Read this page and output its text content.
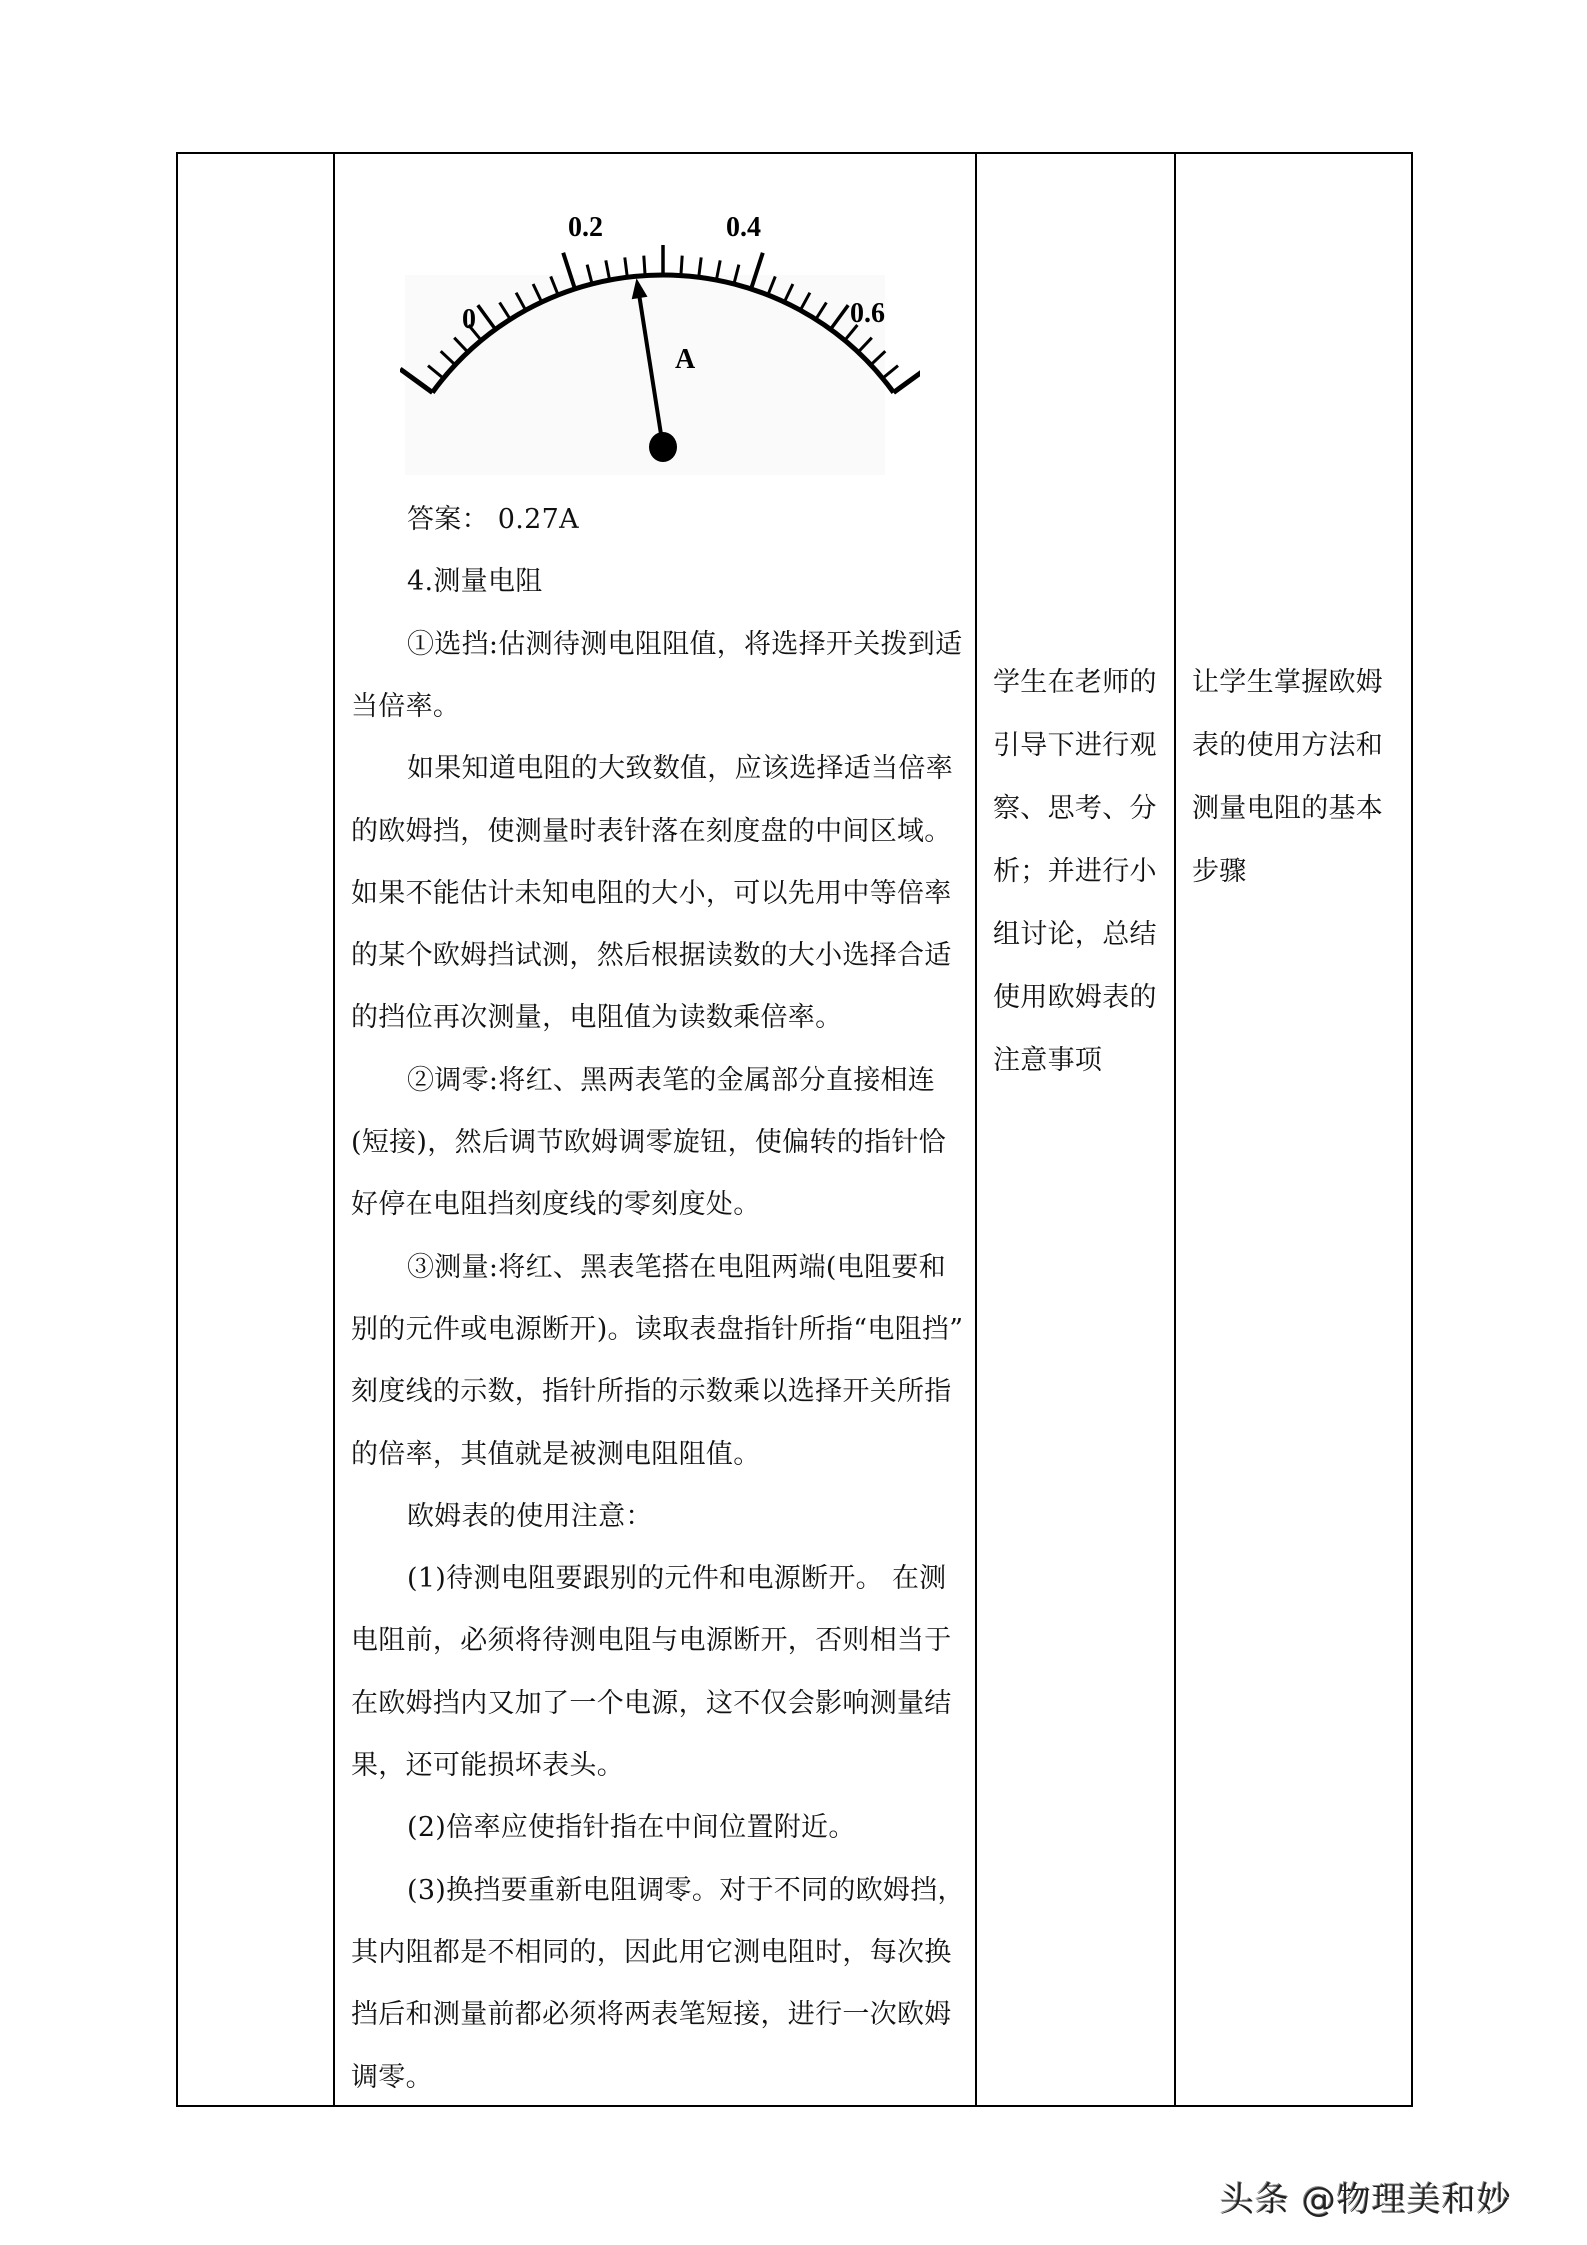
0
0.2	0.4
0.6
A
答案： 0.27A
4.测量电阻
①选挡:估测待测电阻阻值，将选择开关拨到适
当倍率。
如果知道电阻的大致数值，应该选择适当倍率
的欧姆挡，使测量时表针落在刻度盘的中间区域。
如果不能估计未知电阻的大小，可以先用中等倍率
的某个欧姆挡试测，然后根据读数的大小选择合适
的挡位再次测量，电阻值为读数乘倍率。
②调零:将红、黑两表笔的金属部分直接相连
(短接)，然后调节欧姆调零旋钮，使偏转的指针恰
好停在电阻挡刻度线的零刻度处。
③测量:将红、黑表笔搭在电阻两端(电阻要和
别的元件或电源断开)。读取表盘指针所指“电阻挡”
刻度线的示数，指针所指的示数乘以选择开关所指
的倍率，其值就是被测电阻阻值。
欧姆表的使用注意：
(1)待测电阻要跟别的元件和电源断开。 在测
电阻前，必须将待测电阻与电源断开，否则相当于
在欧姆挡内又加了一个电源，这不仅会影响测量结
果，还可能损坏表头。
(2)倍率应使指针指在中间位置附近。
(3)换挡要重新电阻调零。对于不同的欧姆挡，
其内阻都是不相同的，因此用它测电阻时，每次换
挡后和测量前都必须将两表笔短接，进行一次欧姆
调零。
学生在老师的
引导下进行观
察、思考、分
析；并进行小
组讨论，总结
使用欧姆表的
注意事项
让学生掌握欧姆
表的使用方法和
测量电阻的基本
步骤
头条 @物理美和妙
